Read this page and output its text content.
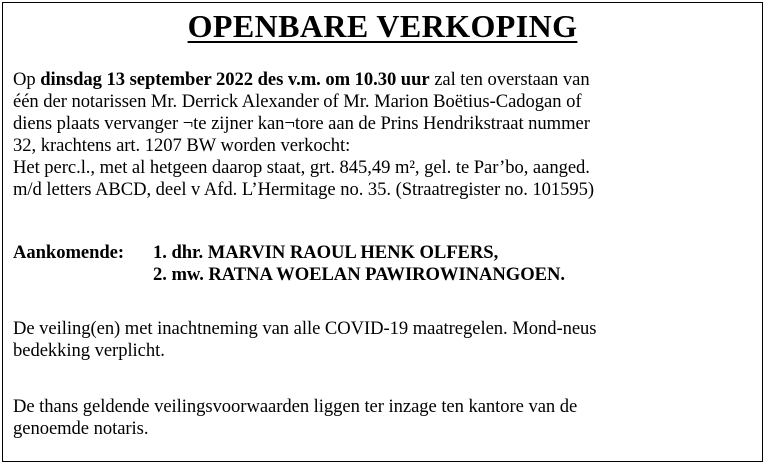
OPENBARE VERKOPING
Op dinsdag 13 september 2022 des v.m. om 10.30 uur zal ten overstaan van
één der notarissen Mr. Derrick Alexander of Mr. Marion Boëtius-Cadogan of
diens plaats vervanger ¬te zijner kan¬tore aan de Prins Hendrikstraat nummer
32, krachtens art. 1207 BW worden verkocht:
Het perc.l., met al hetgeen daarop staat, grt. 845,49 m², gel. te Par’bo, aanged.
m/d letters ABCD, deel v Afd. L’Hermitage no. 35. (Straatregister no. 101595)
Aankomende: 1. dhr. MARVIN RAOUL HENK OLFERS,
2. mw. RATNA WOELAN PAWIROWINANGOEN.
De veiling(en) met inachtneming van alle COVID-19 maatregelen. Mond-neus
bedekking verplicht.
De thans geldende veilingsvoorwaarden liggen ter inzage ten kantore van de
genoemde notaris.
